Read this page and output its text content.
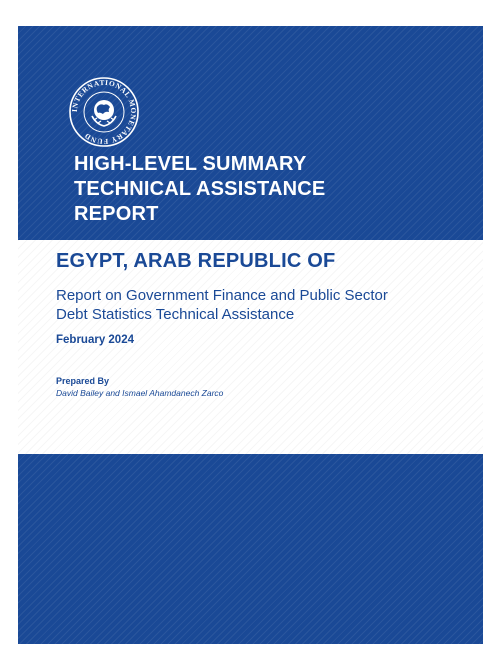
INTERNATIONAL MONETARY FUND
HIGH-LEVEL SUMMARY
TECHNICAL ASSISTANCE
REPORT
EGYPT, ARAB REPUBLIC OF
Report on Government Finance and Public Sector
Debt Statistics Technical Assistance
February 2024
Prepared By
David Bailey and Ismael Ahamdanech Zarco
